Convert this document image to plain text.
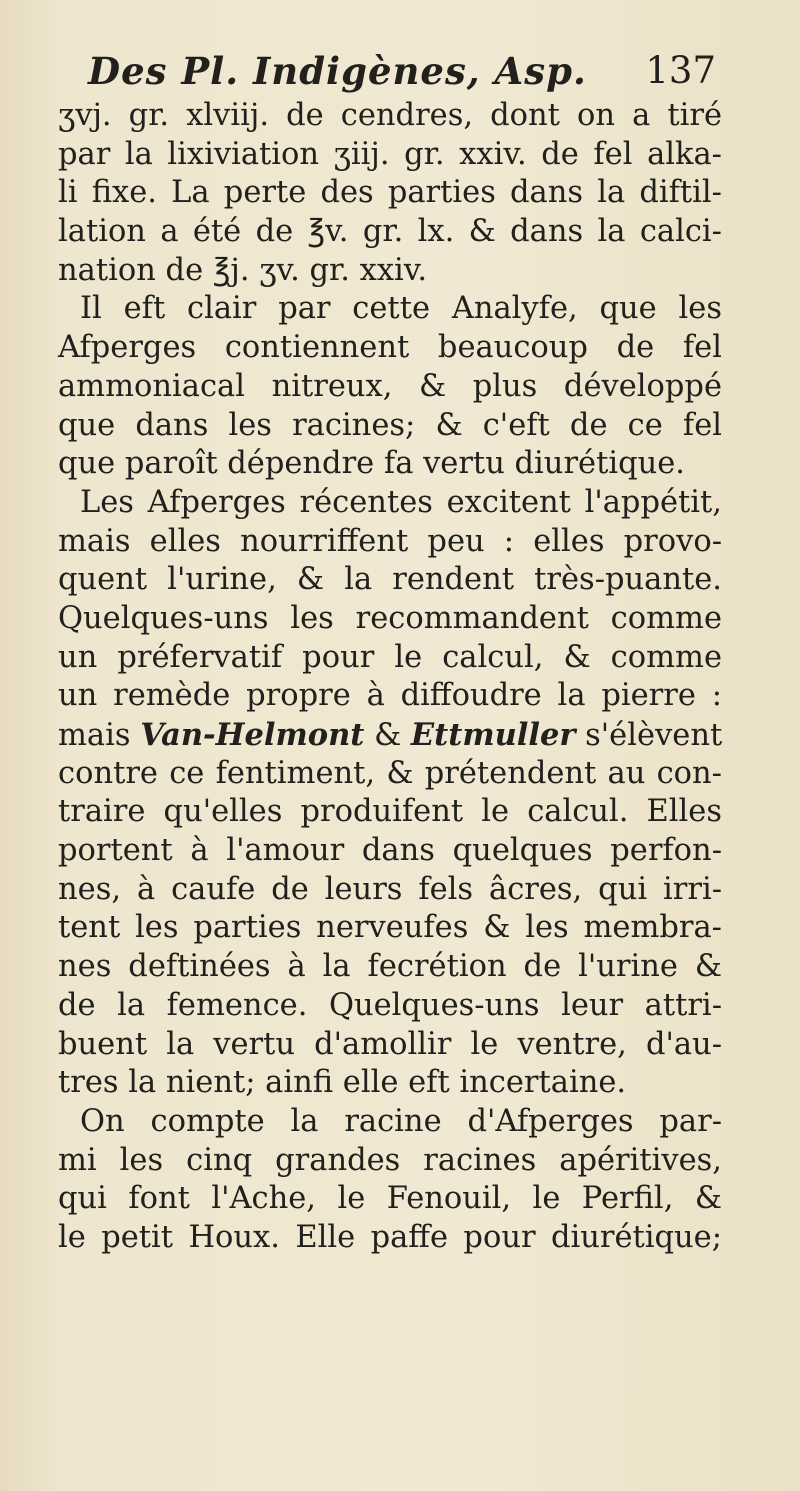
Des Pl. Indigènes, Asp. 137
ʒvj. gr. xlviij. de cendres, dont on a tiré
par la lixiviation ʒiij. gr. xxiv. de fel alka-
li fixe. La perte des parties dans la diftil-
lation a été de ℥v. gr. lx. & dans la calci-
nation de ℥j. ʒv. gr. xxiv.
Il eft clair par cette Analyfe, que les
Afperges contiennent beaucoup de fel
ammoniacal nitreux, & plus développé
que dans les racines; & c'eft de ce fel
que paroît dépendre fa vertu diurétique.
Les Afperges récentes excitent l'appétit,
mais elles nourriffent peu : elles provo-
quent l'urine, & la rendent très-puante.
Quelques-uns les recommandent comme
un préfervatif pour le calcul, & comme
un remède propre à diffoudre la pierre :
mais Van-Helmont & Ettmuller s'élèvent
contre ce fentiment, & prétendent au con-
traire qu'elles produifent le calcul. Elles
portent à l'amour dans quelques perfon-
nes, à caufe de leurs fels âcres, qui irri-
tent les parties nerveufes & les membra-
nes deftinées à la fecrétion de l'urine &
de la femence. Quelques-uns leur attri-
buent la vertu d'amollir le ventre, d'au-
tres la nient; ainfi elle eft incertaine.
On compte la racine d'Afperges par-
mi les cinq grandes racines apéritives,
qui font l'Ache, le Fenouil, le Perfil, &
le petit Houx. Elle paffe pour diurétique;
